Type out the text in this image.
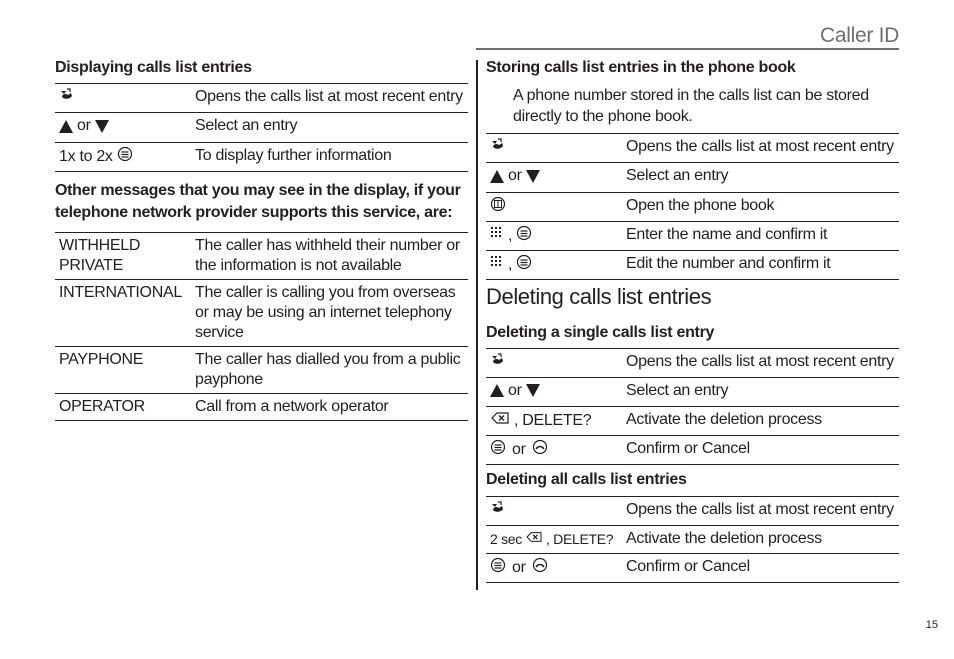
Caller ID
Displaying calls list entries
	Opens the calls list at most recent entry

or	Select an entry

1x to 2x	To display further information
Other messages that you may see in the display, if your telephone network provider supports this service, are:
WITHHELD
PRIVATE	The caller has withheld their number or the information is not available
INTERNATIONAL	The caller is calling you from overseas or may be using an internet telephony service
PAYPHONE	The caller has dialled you from a public payphone
OPERATOR	Call from a network operator
Storing calls list entries in the phone book

A phone number stored in the calls list can be stored directly to the phone book.

	Opens the calls list at most recent entry

or	Select an entry
	Open the phone book

,	Enter the name and confirm it

,	Edit the number and confirm it
Deleting calls list entries
Deleting a single calls list entry
	Opens the calls list at most recent entry

or	Select an entry

, DELETE?	Activate the deletion process

or	Confirm or Cancel
Deleting all calls list entries
	Opens the calls list at most recent entry

2 sec , DELETE?	Activate the deletion process

or	Confirm or Cancel
15
